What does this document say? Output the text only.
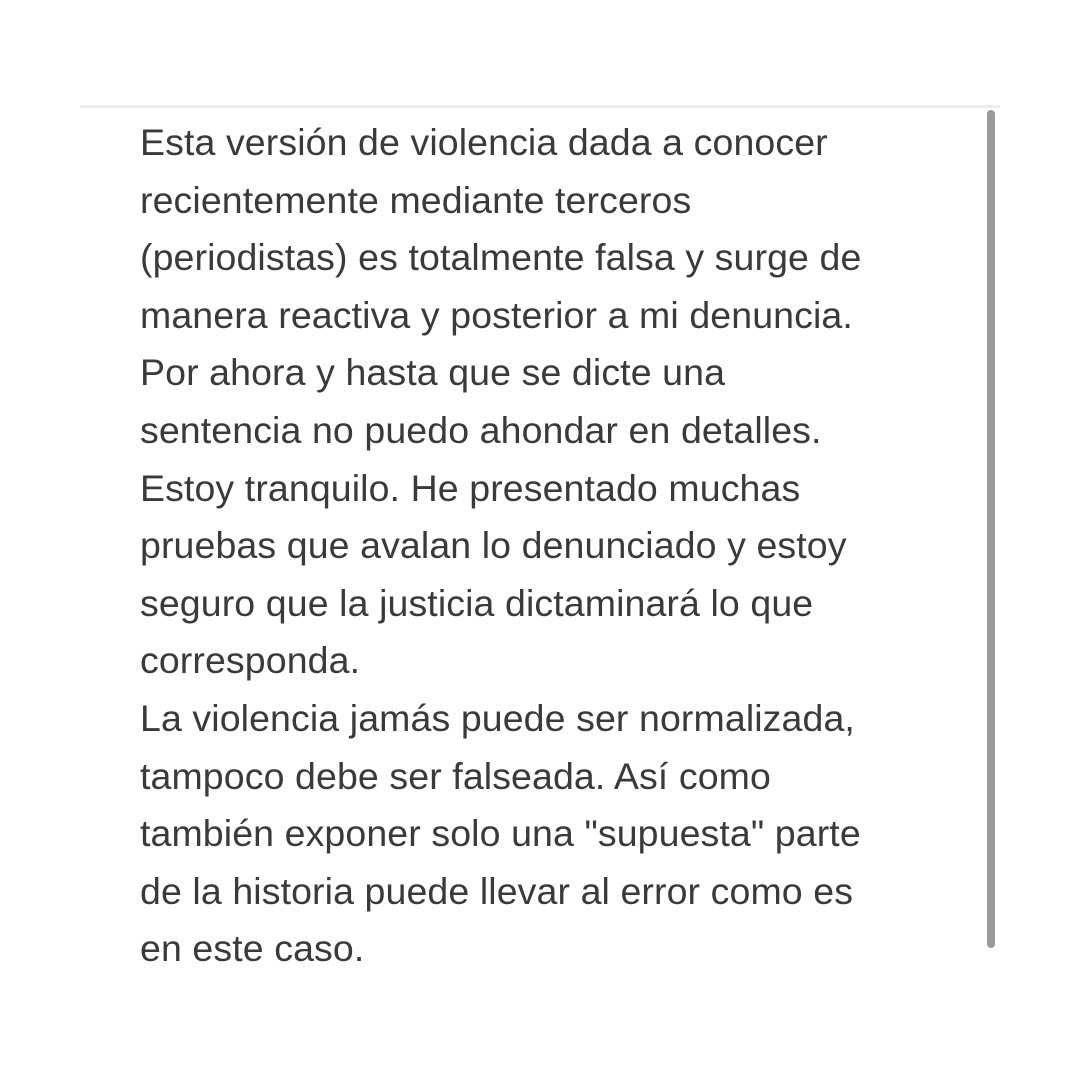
Esta versión de violencia dada a conocer
recientemente mediante terceros
(periodistas) es totalmente falsa y surge de
manera reactiva y posterior a mi denuncia.
Por ahora y hasta que se dicte una
sentencia no puedo ahondar en detalles.
Estoy tranquilo. He presentado muchas
pruebas que avalan lo denunciado y estoy
seguro que la justicia dictaminará lo que
corresponda.
La violencia jamás puede ser normalizada,
tampoco debe ser falseada. Así como
también exponer solo una "supuesta" parte
de la historia puede llevar al error como es
en este caso.
